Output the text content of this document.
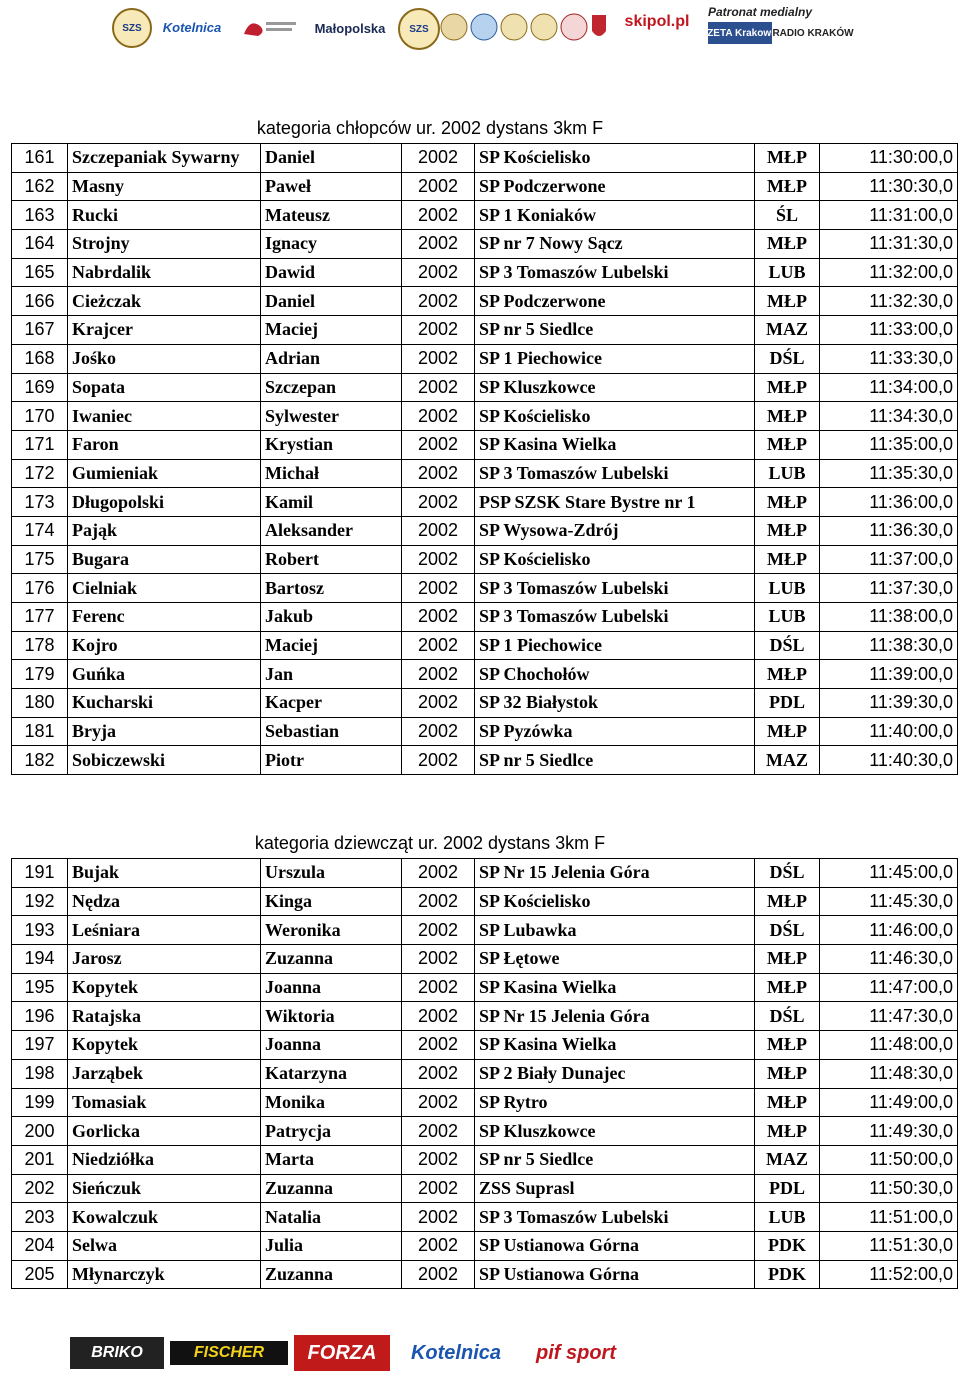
SZS	Kotelnica	Małopolska	SZS	skipol.pl
Patronat medialny
GAZETA Krakowska
RADIO KRAKÓW
kategoria chłopców ur. 2002 dystans 3km F
161	Szczepaniak Sywarny	Daniel	2002	SP Kościelisko	MŁP	11:30:00,0
162	Masny	Paweł	2002	SP Podczerwone	MŁP	11:30:30,0
163	Rucki	Mateusz	2002	SP 1 Koniaków	ŚL	11:31:00,0
164	Strojny	Ignacy	2002	SP nr 7 Nowy Sącz	MŁP	11:31:30,0
165	Nabrdalik	Dawid	2002	SP 3 Tomaszów Lubelski	LUB	11:32:00,0
166	Cieżczak	Daniel	2002	SP Podczerwone	MŁP	11:32:30,0
167	Krajcer	Maciej	2002	SP nr 5 Siedlce	MAZ	11:33:00,0
168	Jośko	Adrian	2002	SP 1 Piechowice	DŚL	11:33:30,0
169	Sopata	Szczepan	2002	SP Kluszkowce	MŁP	11:34:00,0
170	Iwaniec	Sylwester	2002	SP Kościelisko	MŁP	11:34:30,0
171	Faron	Krystian	2002	SP Kasina Wielka	MŁP	11:35:00,0
172	Gumieniak	Michał	2002	SP 3 Tomaszów Lubelski	LUB	11:35:30,0
173	Długopolski	Kamil	2002	PSP SZSK Stare Bystre nr 1	MŁP	11:36:00,0
174	Pająk	Aleksander	2002	SP Wysowa-Zdrój	MŁP	11:36:30,0
175	Bugara	Robert	2002	SP Kościelisko	MŁP	11:37:00,0
176	Cielniak	Bartosz	2002	SP 3 Tomaszów Lubelski	LUB	11:37:30,0
177	Ferenc	Jakub	2002	SP 3 Tomaszów Lubelski	LUB	11:38:00,0
178	Kojro	Maciej	2002	SP 1 Piechowice	DŚL	11:38:30,0
179	Guńka	Jan	2002	SP Chochołów	MŁP	11:39:00,0
180	Kucharski	Kacper	2002	SP 32 Białystok	PDL	11:39:30,0
181	Bryja	Sebastian	2002	SP Pyzówka	MŁP	11:40:00,0
182	Sobiczewski	Piotr	2002	SP nr 5 Siedlce	MAZ	11:40:30,0
kategoria dziewcząt ur. 2002 dystans 3km F
191	Bujak	Urszula	2002	SP Nr 15 Jelenia Góra	DŚL	11:45:00,0
192	Nędza	Kinga	2002	SP Kościelisko	MŁP	11:45:30,0
193	Leśniara	Weronika	2002	SP Lubawka	DŚL	11:46:00,0
194	Jarosz	Zuzanna	2002	SP Łętowe	MŁP	11:46:30,0
195	Kopytek	Joanna	2002	SP Kasina Wielka	MŁP	11:47:00,0
196	Ratajska	Wiktoria	2002	SP Nr 15 Jelenia Góra	DŚL	11:47:30,0
197	Kopytek	Joanna	2002	SP Kasina Wielka	MŁP	11:48:00,0
198	Jarząbek	Katarzyna	2002	SP 2 Biały Dunajec	MŁP	11:48:30,0
199	Tomasiak	Monika	2002	SP Rytro	MŁP	11:49:00,0
200	Gorlicka	Patrycja	2002	SP Kluszkowce	MŁP	11:49:30,0
201	Niedziółka	Marta	2002	SP nr 5 Siedlce	MAZ	11:50:00,0
202	Sieńczuk	Zuzanna	2002	ZSS Suprasl	PDL	11:50:30,0
203	Kowalczuk	Natalia	2002	SP 3 Tomaszów Lubelski	LUB	11:51:00,0
204	Selwa	Julia	2002	SP Ustianowa Górna	PDK	11:51:30,0
205	Młynarczyk	Zuzanna	2002	SP Ustianowa Górna	PDK	11:52:00,0
BRIKO	FISCHER	FORZA	Kotelnica	pif sport
